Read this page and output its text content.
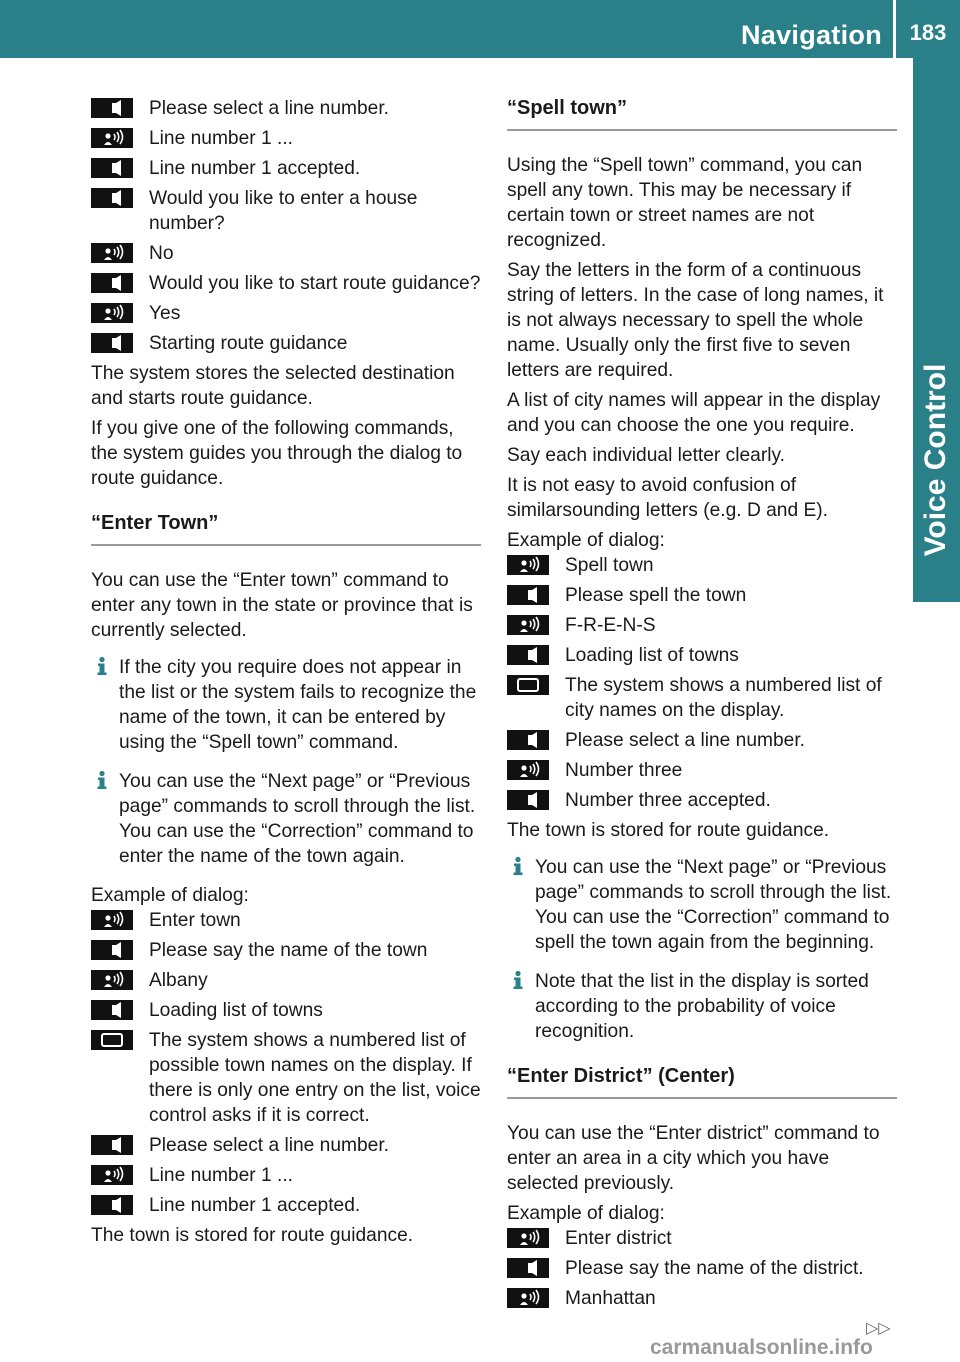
Navigation	183
Voice Control
Please select a line number.
Line number 1 ...
Line number 1 accepted.
Would you like to enter a house number?
No
Would you like to start route guidance?
Yes
Starting route guidance

The system stores the selected destination and starts route guidance.

If you give one of the following commands, the system guides you through the dialog to route guidance.

“Enter Town”

You can use the “Enter town” command to enter any town in the state or province that is currently selected.

If the city you require does not appear in the list or the system fails to recognize the name of the town, it can be entered by using the “Spell town” command.
You can use the “Next page” or “Previous page” commands to scroll through the list. You can use the “Correction” command to enter the name of the town again.

Example of dialog:

Enter town
Please say the name of the town
Albany
Loading list of towns
The system shows a numbered list of possible town names on the display. If there is only one entry on the list, voice control asks if it is correct.
Please select a line number.
Line number 1 ...
Line number 1 accepted.

The town is stored for route guidance.

“Spell town”

Using the “Spell town” command, you can spell any town. This may be necessary if certain town or street names are not recognized.

Say the letters in the form of a continuous string of letters. In the case of long names, it is not always necessary to spell the whole name. Usually only the first five to seven letters are required.

A list of city names will appear in the display and you can choose the one you require.

Say each individual letter clearly.

It is not easy to avoid confusion of similarsounding letters (e.g. D and E).

Example of dialog:

Spell town
Please spell the town
F-R-E-N-S
Loading list of towns
The system shows a numbered list of city names on the display.
Please select a line number.
Number three
Number three accepted.

The town is stored for route guidance.

You can use the “Next page” or “Previous page” commands to scroll through the list. You can use the “Correction” command to spell the town again from the beginning.
Note that the list in the display is sorted according to the probability of voice recognition.
“Enter District” (Center)

You can use the “Enter district” command to enter an area in a city which you have selected previously.

Example of dialog:

Enter district
Please say the name of the district.
Manhattan
▷▷
carmanualsonline.info
